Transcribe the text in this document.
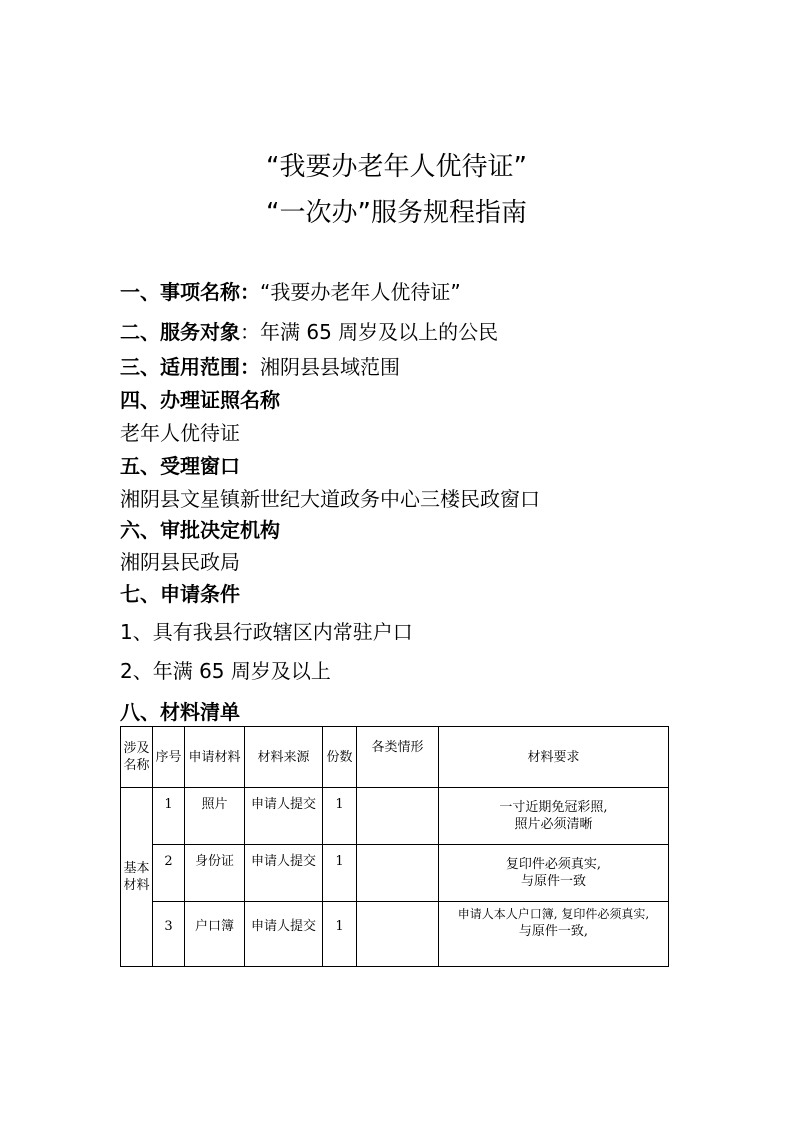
“我要办老年人优待证”
“一次办”服务规程指南
一、事项名称：“我要办老年人优待证”
二、服务对象：年满 65 周岁及以上的公民
三、适用范围：湘阴县县域范围
四、办理证照名称
老年人优待证
五、受理窗口
湘阴县文星镇新世纪大道政务中心三楼民政窗口
六、审批决定机构
湘阴县民政局
七、申请条件
1、具有我县行政辖区内常驻户口
2、年满 65 周岁及以上
八、材料清单
涉及
名称	序号	申请材料	材料来源	份数	各类情形	材料要求
基本
材料	1	照片	申请人提交	1		一寸近期免冠彩照,
照片必须清晰

	2	身份证	申请人提交	1		复印件必须真实,
与原件一致

	3	户口簿	申请人提交	1		申请人本人户口簿, 复印件必须真实,
与原件一致,
